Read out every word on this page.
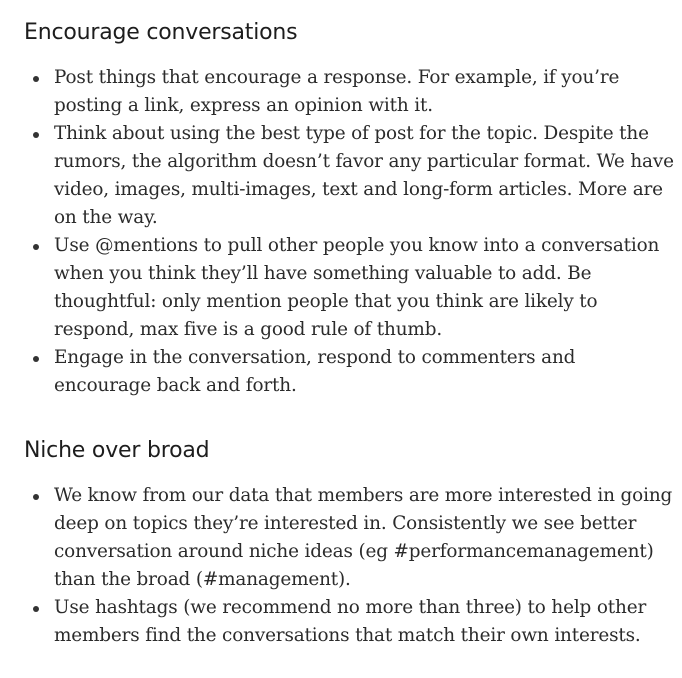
Encourage conversations
Post things that encourage a response. For example, if you’re posting a link, express an opinion with it.
Think about using the best type of post for the topic. Despite the rumors, the algorithm doesn’t favor any particular format. We have video, images, multi-images, text and long-form articles. More are on the way.
Use @mentions to pull other people you know into a conversation when you think they’ll have something valuable to add. Be thoughtful: only mention people that you think are likely to respond, max five is a good rule of thumb.
Engage in the conversation, respond to commenters and encourage back and forth.
Niche over broad
We know from our data that members are more interested in going deep on topics they’re interested in. Consistently we see better conversation around niche ideas (eg #performancemanagement) than the broad (#management).
Use hashtags (we recommend no more than three) to help other members find the conversations that match their own interests.
